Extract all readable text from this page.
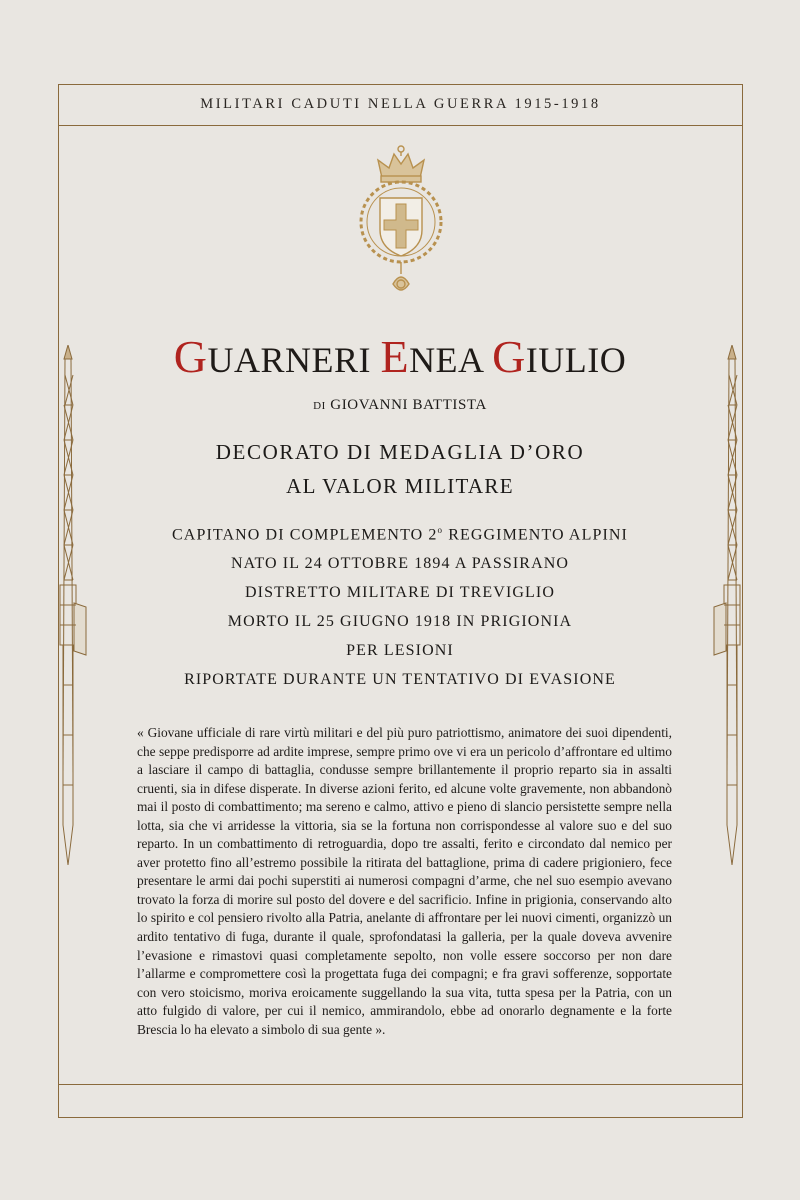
MILITARI CADUTI NELLA GUERRA 1915-1918
GUARNERI ENEA GIULIO
DI GIOVANNI BATTISTA
DECORATO DI MEDAGLIA D’ORO
AL VALOR MILITARE
CAPITANO DI COMPLEMENTO 2$^o$ REGGIMENTO ALPINI
NATO IL 24 OTTOBRE 1894 A PASSIRANO
DISTRETTO MILITARE DI TREVIGLIO
MORTO IL 25 GIUGNO 1918 IN PRIGIONIA
PER LESIONI
RIPORTATE DURANTE UN TENTATIVO DI EVASIONE
« Giovane ufficiale di rare virtù militari e del più puro patriottismo, animatore dei suoi dipendenti, che seppe predisporre ad ardite imprese, sempre primo ove vi era un pericolo d’affrontare ed ultimo a lasciare il campo di battaglia, condusse sempre brillantemente il proprio reparto sia in assalti cruenti, sia in difese disperate. In diverse azioni ferito, ed alcune volte gravemente, non abbandonò mai il posto di combattimento; ma sereno e calmo, attivo e pieno di slancio persistette sempre nella lotta, sia che vi arridesse la vittoria, sia se la fortuna non corrispondesse al valore suo e del suo reparto. In un combattimento di retroguardia, dopo tre assalti, ferito e circondato dal nemico per aver protetto fino all’estremo possibile la ritirata del battaglione, prima di cadere prigioniero, fece presentare le armi dai pochi superstiti ai numerosi compagni d’arme, che nel suo esempio avevano trovato la forza di morire sul posto del dovere e del sacrificio. Infine in prigionia, conservando alto lo spirito e col pensiero rivolto alla Patria, anelante di affrontare per lei nuovi cimenti, organizzò un ardito tentativo di fuga, durante il quale, sprofondatasi la galleria, per la quale doveva avvenire l’evasione e rimastovi quasi completamente sepolto, non volle essere soccorso per non dare l’allarme e compromettere così la progettata fuga dei compagni; e fra gravi sofferenze, sopportate con vero stoicismo, moriva eroicamente suggellando la sua vita, tutta spesa per la Patria, con un atto fulgido di valore, per cui il nemico, ammirandolo, ebbe ad onorarlo degnamente e la forte Brescia lo ha elevato a simbolo di sua gente ».
